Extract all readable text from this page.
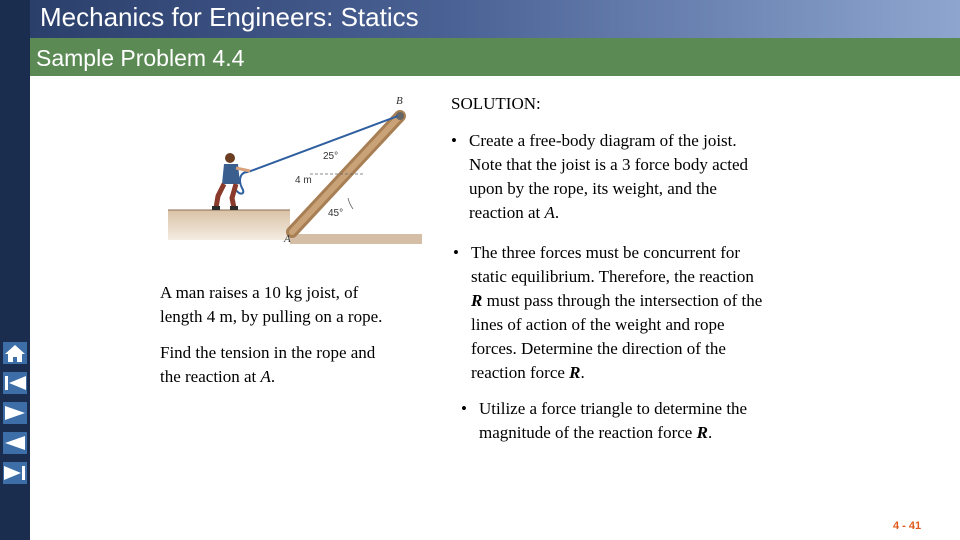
Mechanics for Engineers: Statics
Sample Problem 4.4
B
A
25°
4 m
45°
A man raises a 10 kg joist, of
length 4 m, by pulling on a rope.
Find the tension in the rope and
the reaction at A.
SOLUTION:
• Create a free-body diagram of the joist.
Note that the joist is a 3 force body acted
upon by the rope, its weight, and the
reaction at A.
• The three forces must be concurrent for
static equilibrium. Therefore, the reaction
R must pass through the intersection of the
lines of action of the weight and rope
forces. Determine the direction of the
reaction force R.
• Utilize a force triangle to determine the
magnitude of the reaction force R.
4 - 41
